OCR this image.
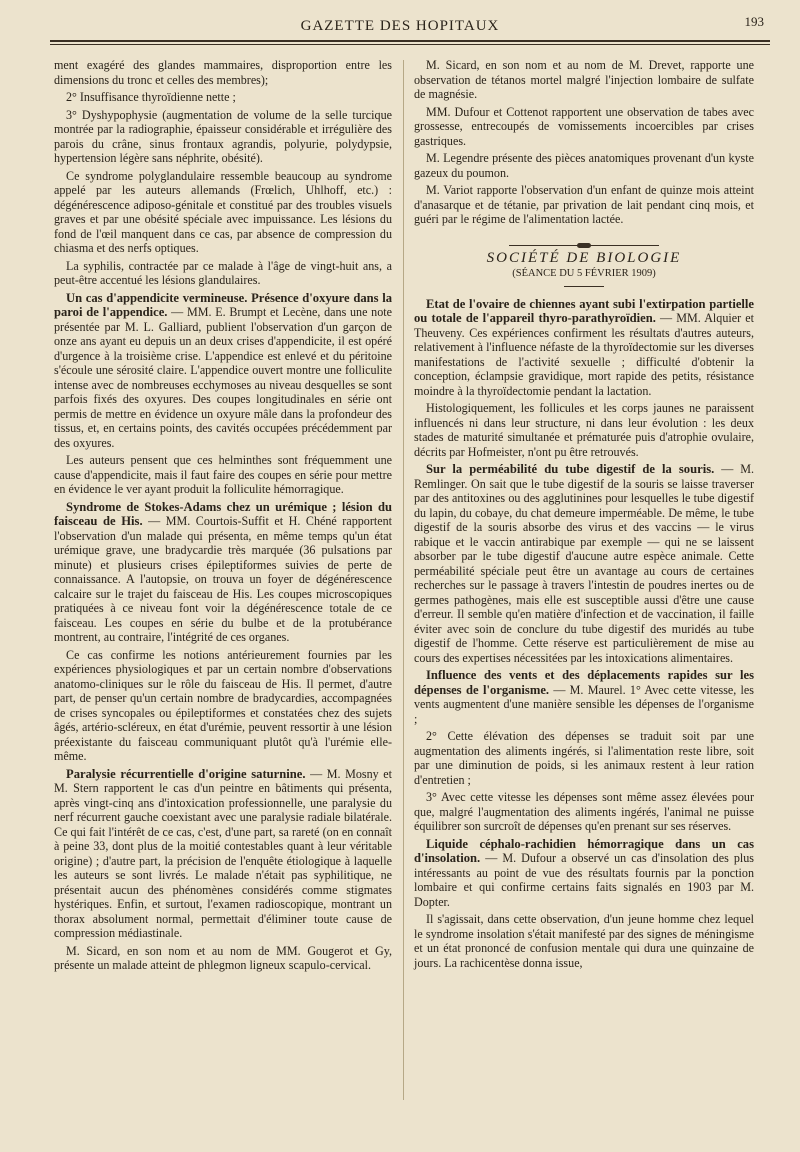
GAZETTE DES HOPITAUX	193

ment exagéré des glandes mammaires, disproportion entre les dimensions du tronc et celles des membres);

2° Insuffisance thyroïdienne nette ;

3° Dyshypophysie (augmentation de volume de la selle turcique montrée par la radiographie, épaisseur considérable et irrégulière des parois du crâne, sinus frontaux agrandis, polyurie, polydypsie, hypertension légère sans néphrite, obésité).

Ce syndrome polyglandulaire ressemble beaucoup au syndrome appelé par les auteurs allemands (Frœlich, Uhlhoff, etc.) : dégénérescence adiposo-génitale et constitué par des troubles visuels graves et par une obésité spéciale avec impuissance. Les lésions du fond de l'œil manquent dans ce cas, par absence de compression du chiasma et des nerfs optiques.

La syphilis, contractée par ce malade à l'âge de vingt-huit ans, a peut-être accentué les lésions glandulaires.

Un cas d'appendicite vermineuse. Présence d'oxyure dans la paroi de l'appendice. — MM. E. Brumpt et Lecène, dans une note présentée par M. L. Galliard, publient l'observation d'un garçon de onze ans ayant eu depuis un an deux crises d'appendicite, il est opéré d'urgence à la troisième crise. L'appendice est enlevé et du péritoine s'écoule une sérosité claire. L'appendice ouvert montre une folliculite intense avec de nombreuses ecchymoses au niveau desquelles se sont parfois fixés des oxyures. Des coupes longitudinales en série ont permis de mettre en évidence un oxyure mâle dans la profondeur des tissus, et, en certains points, des cavités occupées précédemment par des oxyures.

Les auteurs pensent que ces helminthes sont fréquemment une cause d'appendicite, mais il faut faire des coupes en série pour mettre en évidence le ver ayant produit la folliculite hémorragique.

Syndrome de Stokes-Adams chez un urémique ; lésion du faisceau de His. — MM. Courtois-Suffit et H. Chéné rapportent l'observation d'un malade qui présenta, en même temps qu'un état urémique grave, une bradycardie très marquée (36 pulsations par minute) et plusieurs crises épileptiformes suivies de perte de connaissance. A l'autopsie, on trouva un foyer de dégénérescence calcaire sur le trajet du faisceau de His. Les coupes microscopiques pratiquées à ce niveau font voir la dégénérescence totale de ce faisceau. Les coupes en série du bulbe et de la protubérance montrent, au contraire, l'intégrité de ces organes.

Ce cas confirme les notions antérieurement fournies par les expériences physiologiques et par un certain nombre d'observations anatomo-cliniques sur le rôle du faisceau de His. Il permet, d'autre part, de penser qu'un certain nombre de bradycardies, accompagnées de crises syncopales ou épileptiformes et constatées chez des sujets âgés, artério-scléreux, en état d'urémie, peuvent ressortir à une lésion préexistante du faisceau communiquant plutôt qu'à l'urémie elle-même.

Paralysie récurrentielle d'origine saturnine. — M. Mosny et M. Stern rapportent le cas d'un peintre en bâtiments qui présenta, après vingt-cinq ans d'intoxication professionnelle, une paralysie du nerf récurrent gauche coexistant avec une paralysie radiale bilatérale. Ce qui fait l'intérêt de ce cas, c'est, d'une part, sa rareté (on en connaît à peine 33, dont plus de la moitié contestables quant à leur véritable origine) ; d'autre part, la précision de l'enquête étiologique à laquelle les auteurs se sont livrés. Le malade n'était pas syphilitique, ne présentait aucun des phénomènes considérés comme stigmates hystériques. Enfin, et surtout, l'examen radioscopique, montrant un thorax absolument normal, permettait d'éliminer toute cause de compression médiastinale.

M. Sicard, en son nom et au nom de MM. Gougerot et Gy, présente un malade atteint de phlegmon ligneux scapulo-cervical.

M. Sicard, en son nom et au nom de M. Drevet, rapporte une observation de tétanos mortel malgré l'injection lombaire de sulfate de magnésie.

MM. Dufour et Cottenot rapportent une observation de tabes avec grossesse, entrecoupés de vomissements incoercibles par crises gastriques.

M. Legendre présente des pièces anatomiques provenant d'un kyste gazeux du poumon.

M. Variot rapporte l'observation d'un enfant de quinze mois atteint d'anasarque et de tétanie, par privation de lait pendant cinq mois, et guéri par le régime de l'alimentation lactée.

SOCIÉTÉ DE BIOLOGIE
(SÉANCE DU 5 FÉVRIER 1909)

Etat de l'ovaire de chiennes ayant subi l'extirpation partielle ou totale de l'appareil thyro-parathyroïdien. — MM. Alquier et Theuveny. Ces expériences confirment les résultats d'autres auteurs, relativement à l'influence néfaste de la thyroïdectomie sur les diverses manifestations de l'activité sexuelle ; difficulté d'obtenir la conception, éclampsie gravidique, mort rapide des petits, résistance moindre à la thyroïdectomie pendant la lactation.

Histologiquement, les follicules et les corps jaunes ne paraissent influencés ni dans leur structure, ni dans leur évolution : les deux stades de maturité simultanée et prématurée puis d'atrophie ovulaire, décrits par Hofmeister, n'ont pu être retrouvés.

Sur la perméabilité du tube digestif de la souris. — M. Remlinger. On sait que le tube digestif de la souris se laisse traverser par des antitoxines ou des agglutinines pour lesquelles le tube digestif du lapin, du cobaye, du chat demeure imperméable. De même, le tube digestif de la souris absorbe des virus et des vaccins — le virus rabique et le vaccin antirabique par exemple — qui ne se laissent absorber par le tube digestif d'aucune autre espèce animale. Cette perméabilité spéciale peut être un avantage au cours de certaines recherches sur le passage à travers l'intestin de poudres inertes ou de germes pathogènes, mais elle est susceptible aussi d'être une cause d'erreur. Il semble qu'en matière d'infection et de vaccination, il faille éviter avec soin de conclure du tube digestif des muridés au tube digestif de l'homme. Cette réserve est particulièrement de mise au cours des expertises nécessitées par les intoxications alimentaires.

Influence des vents et des déplacements rapides sur les dépenses de l'organisme. — M. Maurel. 1° Avec cette vitesse, les vents augmentent d'une manière sensible les dépenses de l'organisme ;

2° Cette élévation des dépenses se traduit soit par une augmentation des aliments ingérés, si l'alimentation reste libre, soit par une diminution de poids, si les animaux restent à leur ration d'entretien ;

3° Avec cette vitesse les dépenses sont même assez élevées pour que, malgré l'augmentation des aliments ingérés, l'animal ne puisse équilibrer son surcroît de dépenses qu'en prenant sur ses réserves.

Liquide céphalo-rachidien hémorragique dans un cas d'insolation. — M. Dufour a observé un cas d'insolation des plus intéressants au point de vue des résultats fournis par la ponction lombaire et qui confirme certains faits signalés en 1903 par M. Dopter.

Il s'agissait, dans cette observation, d'un jeune homme chez lequel le syndrome insolation s'était manifesté par des signes de méningisme et un état prononcé de confusion mentale qui dura une quinzaine de jours. La rachicentèse donna issue,
